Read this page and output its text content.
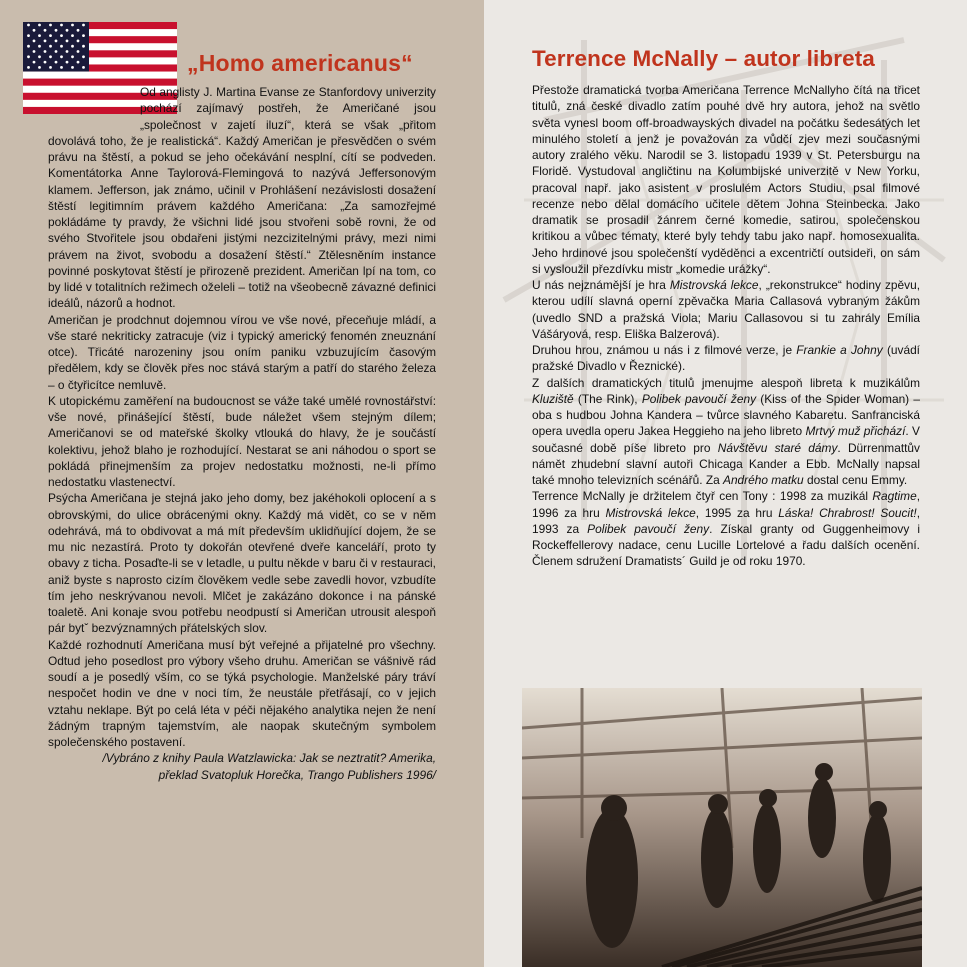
„Homo americanus“

Od anglisty J. Martina Evanse ze Stanfordovy univerzity pochází zajímavý postřeh, že Američané jsou „společnost v zajetí iluzí“, která se však „přitom dovolává toho, že je realistická“. Každý Američan je přesvědčen o svém právu na štěstí, a pokud se jeho očekávání nesplní, cítí se podveden. Komentátorka Anne Taylorová-Flemingová to nazývá Jeffersonovým klamem. Jefferson, jak známo, učinil v Prohlášení nezávislosti dosažení štěstí legitimním právem každého Američana: „Za samozřejmé pokládáme ty pravdy, že všichni lidé jsou stvořeni sobě rovni, že od svého Stvořitele jsou obdařeni jistými nezcizitelnými právy, mezi nimi právem na život, svobodu a dosažení štěstí.“ Ztělesněním instance povinné poskytovat štěstí je přirozeně prezident. Američan lpí na tom, co by lidé v totalitních režimech oželeli – totiž na všeobecně závazné definici ideálů, názorů a hodnot.

Američan je prodchnut dojemnou vírou ve vše nové, přeceňuje mládí, a vše staré nekriticky zatracuje (viz i typický americký fenomén zneuznání otce). Třicáté narozeniny jsou oním paniku vzbuzujícím časovým předělem, kdy se člověk přes noc stává starým a patří do starého železa – o čtyřicítce nemluvě.

K utopickému zaměření na budoucnost se váže také umělé rovnostářství: vše nové, přinášející štěstí, bude náležet všem stejným dílem; Američanovi se od mateřské školky vtlouká do hlavy, že je součástí kolektivu, jehož blaho je rozhodující. Nestarat se ani náhodou o sport se pokládá přinejmenším za projev nedostatku možnosti, ne-li přímo nedostatku vlastenectví.

Psýcha Američana je stejná jako jeho domy, bez jakéhokoli oplocení a s obrovskými, do ulice obrácenými okny. Každý má vidět, co se v něm odehrává, má to obdivovat a má mít především uklidňující dojem, že se mu nic nezastírá. Proto ty dokořán otevřené dveře kanceláří, proto ty obavy z ticha. Posaďte-li se v letadle, u pultu někde v baru či v restauraci, aniž byste s naprosto cizím člověkem vedle sebe zavedli hovor, vzbudíte tím jeho neskrývanou nevoli. Mlčet je zakázáno dokonce i na pánské toaletě. Ani konaje svou potřebu neodpustí si Američan utrousit alespoň pár bytˇ bezvýznamných přátelských slov.

Každé rozhodnutí Američana musí být veřejné a přijatelné pro všechny. Odtud jeho posedlost pro výbory všeho druhu. Američan se vášnivě rád soudí a je posedlý vším, co se týká psychologie. Manželské páry tráví nespočet hodin ve dne v noci tím, že neustále přetřásají, co v jejich vztahu neklape. Být po celá léta v péči nějakého analytika nejen že není žádným trapným tajemstvím, ale naopak skutečným symbolem společenského postavení.

/Vybráno z knihy Paula Watzlawicka: Jak se neztratit? Amerika,

překlad Svatopluk Horečka, Trango Publishers 1996/

Terrence McNally – autor libreta

Přestože dramatická tvorba Američana Terrence McNallyho čítá na třicet titulů, zná české divadlo zatím pouhé dvě hry autora, jehož na světlo světa vynesl boom off-broadwayských divadel na počátku šedesátých let minulého století a jenž je považován za vůdčí zjev mezi současnými autory zralého věku. Narodil se 3. listopadu 1939 v St. Petersburgu na Floridě. Vystudoval angličtinu na Kolumbijské univerzitě v New Yorku, pracoval např. jako asistent v proslulém Actors Studiu, psal filmové recenze nebo dělal domácího učitele dětem Johna Steinbecka. Jako dramatik se prosadil žánrem černé komedie, satirou, společenskou kritikou a vůbec tématy, které byly tehdy tabu jako např. homosexualita. Jeho hrdinové jsou společenští vyděděnci a excentričtí outsideři, on sám si vysloužil přezdívku mistr „komedie urážky“.

U nás nejznámější je hra Mistrovská lekce, „rekonstrukce“ hodiny zpěvu, kterou udílí slavná operní zpěvačka Maria Callasová vybraným žákům (uvedlo SND a pražská Viola; Mariu Callasovou si tu zahrály Emília Vášáryová, resp. Eliška Balzerová).

Druhou hrou, známou u nás i z filmové verze, je Frankie a Johny (uvádí pražské Divadlo v Řeznické).

Z dalších dramatických titulů jmenujme alespoň libreta k muzikálům Kluziště (The Rink), Polibek pavoučí ženy (Kiss of the Spider Woman) – oba s hudbou Johna Kandera – tvůrce slavného Kabaretu. Sanfranciská opera uvedla operu Jakea Heggieho na jeho libreto Mrtvý muž přichází. V současné době píše libreto pro Návštěvu staré dámy. Dürrenmattův námět zhudební slavní autoři Chicaga Kander a Ebb. McNally napsal také mnoho televizních scénářů. Za Andrého matku dostal cenu Emmy.

Terrence McNally je držitelem čtyř cen Tony : 1998 za muzikál Ragtime, 1996 za hru Mistrovská lekce, 1995 za hru Láska! Chrabrost! Soucit!, 1993 za Polibek pavoučí ženy. Získal granty od Guggenheimovy i Rockeffellerovy nadace, cenu Lucille Lortelové a řadu dalších ocenění. Členem sdružení Dramatists´ Guild je od roku 1970.
